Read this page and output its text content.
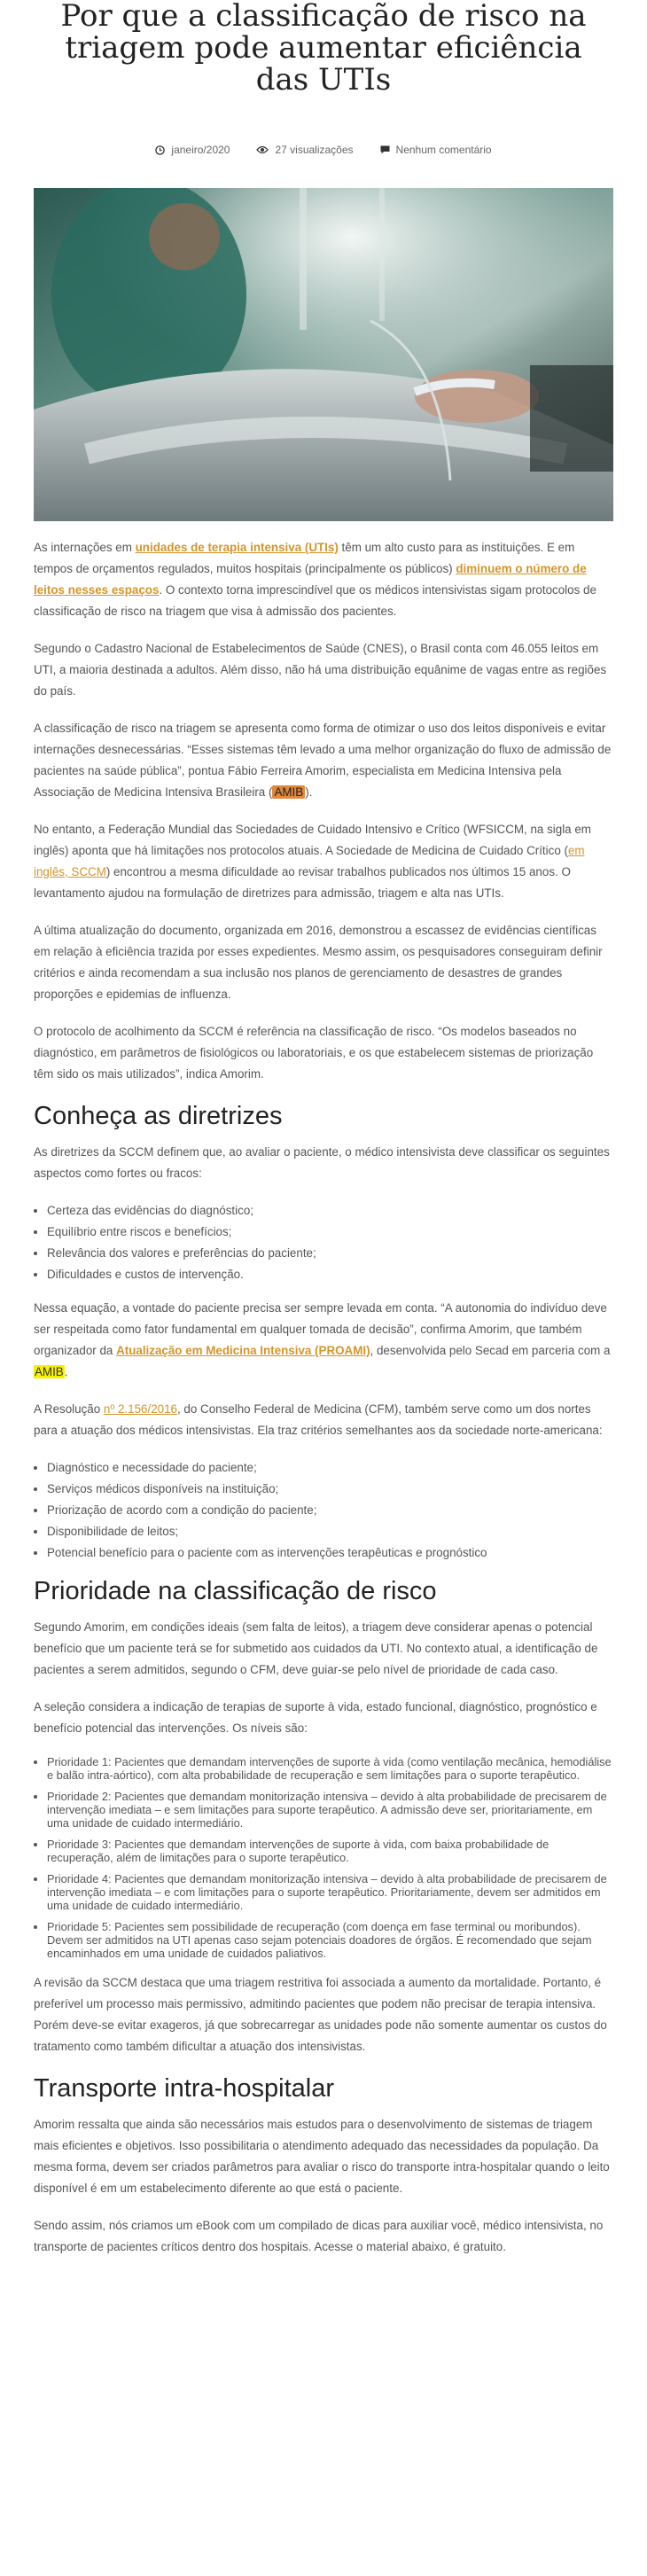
Por que a classificação de risco na triagem pode aumentar eficiência das UTIs
janeiro/2020	27 visualizações	Nenhum comentário

As internações em unidades de terapia intensiva (UTIs) têm um alto custo para as instituições. E em tempos de orçamentos regulados, muitos hospitais (principalmente os públicos) diminuem o número de leitos nesses espaços. O contexto torna imprescindível que os médicos intensivistas sigam protocolos de classificação de risco na triagem que visa à admissão dos pacientes.

Segundo o Cadastro Nacional de Estabelecimentos de Saúde (CNES), o Brasil conta com 46.055 leitos em UTI, a maioria destinada a adultos. Além disso, não há uma distribuição equânime de vagas entre as regiões do país.

A classificação de risco na triagem se apresenta como forma de otimizar o uso dos leitos disponíveis e evitar internações desnecessárias. “Esses sistemas têm levado a uma melhor organização do fluxo de admissão de pacientes na saúde pública”, pontua Fábio Ferreira Amorim, especialista em Medicina Intensiva pela Associação de Medicina Intensiva Brasileira ( AMIB ).

No entanto, a Federação Mundial das Sociedades de Cuidado Intensivo e Crítico (WFSICCM, na sigla em inglês) aponta que há limitações nos protocolos atuais. A Sociedade de Medicina de Cuidado Crítico (em inglês, SCCM) encontrou a mesma dificuldade ao revisar trabalhos publicados nos últimos 15 anos. O levantamento ajudou na formulação de diretrizes para admissão, triagem e alta nas UTIs.

A última atualização do documento, organizada em 2016, demonstrou a escassez de evidências científicas em relação à eficiência trazida por esses expedientes. Mesmo assim, os pesquisadores conseguiram definir critérios e ainda recomendam a sua inclusão nos planos de gerenciamento de desastres de grandes proporções e epidemias de influenza.

O protocolo de acolhimento da SCCM é referência na classificação de risco. “Os modelos baseados no diagnóstico, em parâmetros de fisiológicos ou laboratoriais, e os que estabelecem sistemas de priorização têm sido os mais utilizados”, indica Amorim.

Conheça as diretrizes

As diretrizes da SCCM definem que, ao avaliar o paciente, o médico intensivista deve classificar os seguintes aspectos como fortes ou fracos:

• Certeza das evidências do diagnóstico;
• Equilíbrio entre riscos e benefícios;
• Relevância dos valores e preferências do paciente;
• Dificuldades e custos de intervenção.

Nessa equação, a vontade do paciente precisa ser sempre levada em conta. “A autonomia do indivíduo deve ser respeitada como fator fundamental em qualquer tomada de decisão”, confirma Amorim, que também organizador da Atualização em Medicina Intensiva (PROAMI), desenvolvida pelo Secad em parceria com a AMIB.

A Resolução nº 2.156/2016, do Conselho Federal de Medicina (CFM), também serve como um dos nortes para a atuação dos médicos intensivistas. Ela traz critérios semelhantes aos da sociedade norte-americana:

• Diagnóstico e necessidade do paciente;
• Serviços médicos disponíveis na instituição;
• Priorização de acordo com a condição do paciente;
• Disponibilidade de leitos;
• Potencial benefício para o paciente com as intervenções terapêuticas e prognóstico
Prioridade na classificação de risco

Segundo Amorim, em condições ideais (sem falta de leitos), a triagem deve considerar apenas o potencial benefício que um paciente terá se for submetido aos cuidados da UTI. No contexto atual, a identificação de pacientes a serem admitidos, segundo o CFM, deve guiar-se pelo nível de prioridade de cada caso.

A seleção considera a indicação de terapias de suporte à vida, estado funcional, diagnóstico, prognóstico e benefício potencial das intervenções. Os níveis são:

• Prioridade 1: Pacientes que demandam intervenções de suporte à vida (como ventilação mecânica, hemodiálise e balão intra-aórtico), com alta probabilidade de recuperação e sem limitações para o suporte terapêutico.
• Prioridade 2: Pacientes que demandam monitorização intensiva – devido à alta probabilidade de precisarem de intervenção imediata – e sem limitações para suporte terapêutico. A admissão deve ser, prioritariamente, em uma unidade de cuidado intermediário.
• Prioridade 3: Pacientes que demandam intervenções de suporte à vida, com baixa probabilidade de recuperação, além de limitações para o suporte terapêutico.
• Prioridade 4: Pacientes que demandam monitorização intensiva – devido à alta probabilidade de precisarem de intervenção imediata – e com limitações para o suporte terapêutico. Prioritariamente, devem ser admitidos em uma unidade de cuidado intermediário.
• Prioridade 5: Pacientes sem possibilidade de recuperação (com doença em fase terminal ou moribundos). Devem ser admitidos na UTI apenas caso sejam potenciais doadores de órgãos. É recomendado que sejam encaminhados em uma unidade de cuidados paliativos.

A revisão da SCCM destaca que uma triagem restritiva foi associada a aumento da mortalidade. Portanto, é preferível um processo mais permissivo, admitindo pacientes que podem não precisar de terapia intensiva. Porém deve-se evitar exageros, já que sobrecarregar as unidades pode não somente aumentar os custos do tratamento como também dificultar a atuação dos intensivistas.

Transporte intra-hospitalar

Amorim ressalta que ainda são necessários mais estudos para o desenvolvimento de sistemas de triagem mais eficientes e objetivos. Isso possibilitaria o atendimento adequado das necessidades da população. Da mesma forma, devem ser criados parâmetros para avaliar o risco do transporte intra-hospitalar quando o leito disponível é em um estabelecimento diferente ao que está o paciente.

Sendo assim, nós criamos um eBook com um compilado de dicas para auxiliar você, médico intensivista, no transporte de pacientes críticos dentro dos hospitais. Acesse o material abaixo, é gratuito.
